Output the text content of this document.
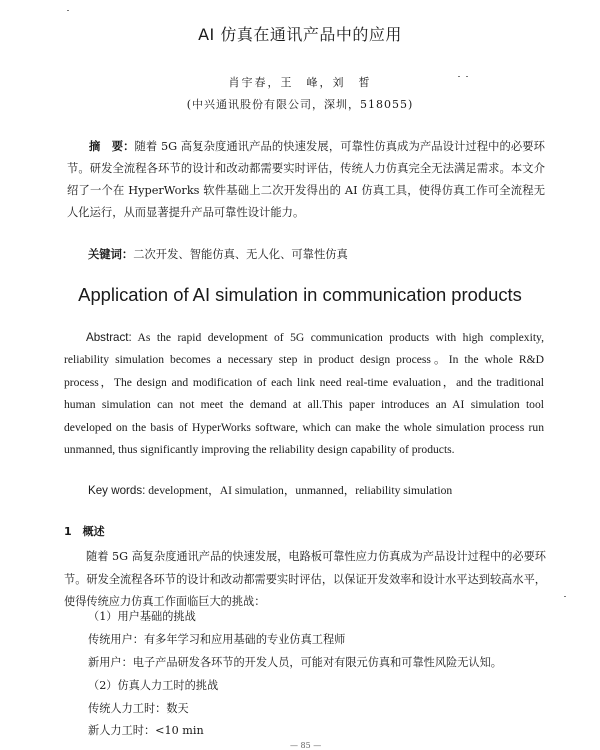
AI 仿真在通讯产品中的应用
肖宇春，王　峰，刘　皙
(中兴通讯股份有限公司，深圳，518055)

摘　要：随着 5G 高复杂度通讯产品的快速发展，可靠性仿真成为产品设计过程中的必要环节。研发全流程各环节的设计和改动都需要实时评估，传统人力仿真完全无法满足需求。本文介绍了一个在 HyperWorks 软件基础上二次开发得出的 AI 仿真工具，使得仿真工作可全流程无人化运行，从而显著提升产品可靠性设计能力。

关键词：二次开发、智能仿真、无人化、可靠性仿真

Application of AI simulation in communication products

Abstract: As the rapid development of 5G communication products with high complexity, reliability simulation becomes a necessary step in product design process。In the whole R&D process，The design and modification of each link need real-time evaluation，and the traditional human simulation can not meet the demand at all.This paper introduces an AI simulation tool developed on the basis of HyperWorks software, which can make the whole simulation process run unmanned, thus significantly improving the reliability design capability of products.

Key words: development，AI simulation，unmanned，reliability simulation

1　概述

随着 5G 高复杂度通讯产品的快速发展，电路板可靠性应力仿真成为产品设计过程中的必要环节。研发全流程各环节的设计和改动都需要实时评估，以保证开发效率和设计水平达到较高水平，使得传统应力仿真工作面临巨大的挑战：

（1）用户基础的挑战
传统用户：有多年学习和应用基础的专业仿真工程师
新用户：电子产品研发各环节的开发人员，可能对有限元仿真和可靠性风险无认知。
（2）仿真人力工时的挑战
传统人力工时：数天
新人力工时：<10 min
— 85 —
